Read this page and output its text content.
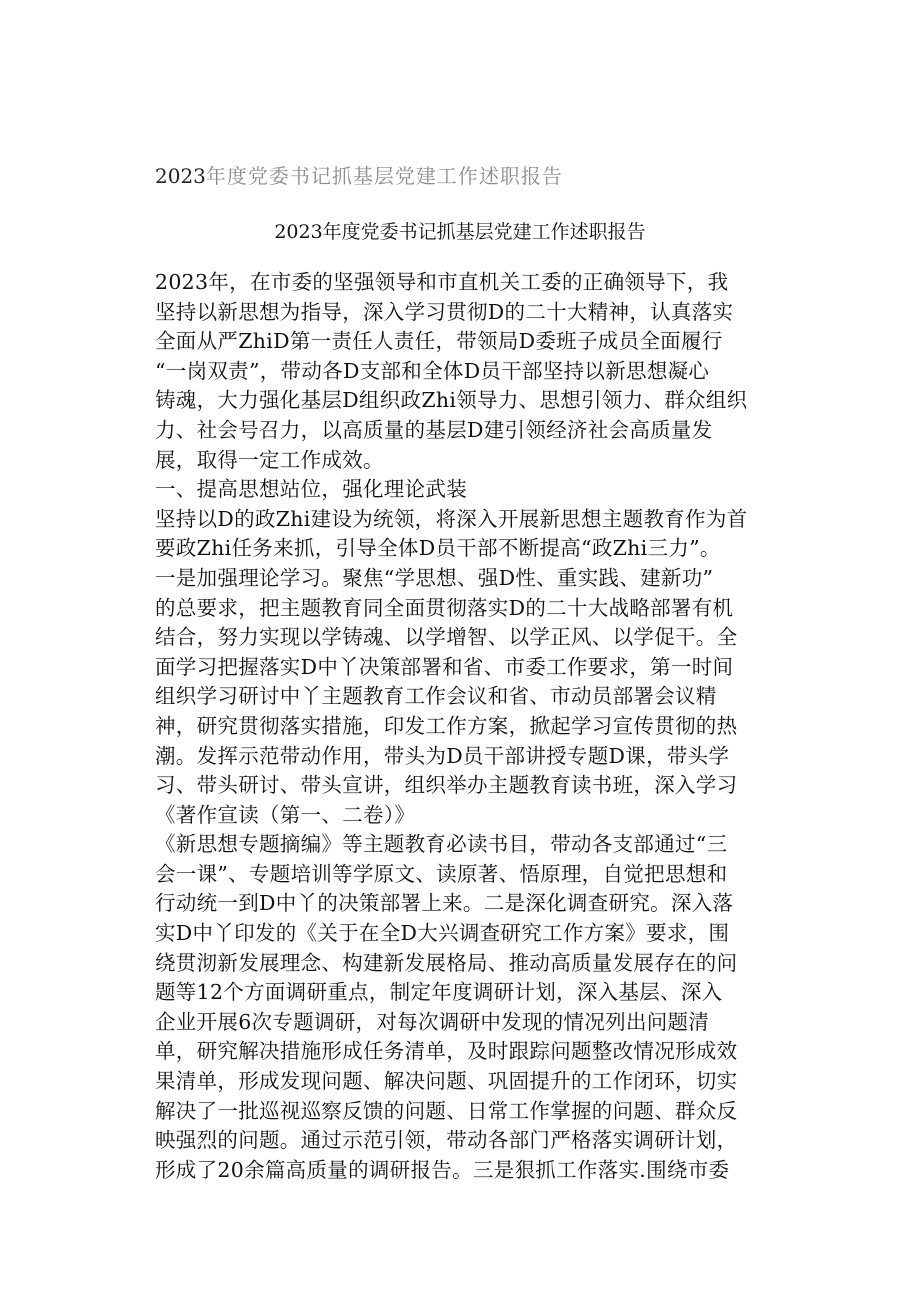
2023年度党委书记抓基层党建工作述职报告
2023年度党委书记抓基层党建工作述职报告
2023年，在市委的坚强领导和市直机关工委的正确领导下，我
坚持以新思想为指导，深入学习贯彻D的二十大精神，认真落实
全面从严ZhiD第一责任人责任，带领局D委班子成员全面履行
“一岗双责”，带动各D支部和全体D员干部坚持以新思想凝心
铸魂，大力强化基层D组织政Zhi领导力、思想引领力、群众组织
力、社会号召力，以高质量的基层D建引领经济社会高质量发
展，取得一定工作成效。
一、提高思想站位，强化理论武装
坚持以D的政Zhi建设为统领，将深入开展新思想主题教育作为首
要政Zhi任务来抓，引导全体D员干部不断提高“政Zhi三力”。
一是加强理论学习。聚焦“学思想、强D性、重实践、建新功”
的总要求，把主题教育同全面贯彻落实D的二十大战略部署有机
结合，努力实现以学铸魂、以学增智、以学正风、以学促干。全
面学习把握落实D中丫决策部署和省、市委工作要求，第一时间
组织学习研讨中丫主题教育工作会议和省、市动员部署会议精
神，研究贯彻落实措施，印发工作方案，掀起学习宣传贯彻的热
潮。发挥示范带动作用，带头为D员干部讲授专题D课，带头学
习、带头研讨、带头宣讲，组织举办主题教育读书班，深入学习
《著作宣读（第一、二卷）》
《新思想专题摘编》等主题教育必读书目，带动各支部通过“三
会一课”、专题培训等学原文、读原著、悟原理，自觉把思想和
行动统一到D中丫的决策部署上来。二是深化调查研究。深入落
实D中丫印发的《关于在全D大兴调查研究工作方案》要求，围
绕贯沏新发展理念、构建新发展格局、推动高质量发展存在的问
题等12个方面调研重点，制定年度调研计划，深入基层、深入
企业开展6次专题调研，对每次调研中发现的情况列出问题清
单，研究解决措施形成任务清单，及时跟踪问题整改情况形成效
果清单，形成发现问题、解决问题、巩固提升的工作闭环，切实
解决了一批巡视巡察反馈的问题、日常工作掌握的问题、群众反
映强烈的问题。通过示范引领，带动各部门严格落实调研计划，
形成了20余篇高质量的调研报告。三是狠抓工作落实.围绕市委
